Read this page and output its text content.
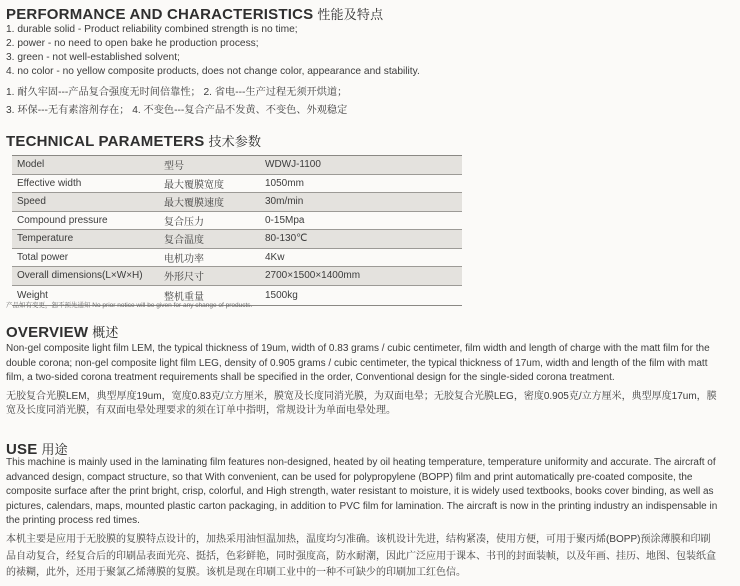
PERFORMANCE AND CHARACTERISTICS 性能及特点
1. durable solid - Product reliability combined strength is no time;
2. power - no need to open bake he production process;
3. green - not well-established solvent;
4. no color - no yellow composite products, does not change color, appearance and stability.
1. 耐久牢固---产品复合强度无时间倍靠性； 2. 省电---生产过程无须开烘道；
3. 环保---无有素溶剂存在； 4. 不变色---复合产品不发黄、不变色、外观稳定
TECHNICAL PARAMETERS 技术参数
Model	型号	WDWJ-1100
Effective width	最大覆膜宽度	1050mm
Speed	最大覆膜速度	30m/min
Compound pressure	复合压力	0-15Mpa
Temperature	复合温度	80-130℃
Total power	电机功率	4Kw
Overall dimensions(L×W×H)	外形尺寸	2700×1500×1400mm
Weight	整机重量	1500kg
产品如有变更，恕不预先通知 No prior notice will be given for any change of products.
OVERVIEW 概述
Non-gel composite light film LEM, the typical thickness of 19um, width of 0.83 grams / cubic centimeter, film width and length of charge with the matt film for the
double corona; non-gel composite light film LEG, density of 0.905 grams / cubic centimeter, the typical thickness of 17um, width and length of the film with matt
film, a two-sided corona treatment requirements shall be specified in the order, Conventional design for the single-sided corona treatment.
无胶复合光膜LEM，典型厚度19um，宽度0.83克/立方厘米，膜宽及长度同消光膜，为双面电晕；无胶复合光膜LEG，密度0.905克/立方厘米，典型厚度17um，膜
宽及长度同消光膜，有双面电晕处理要求的须在订单中指明，常规设计为单面电晕处理。
USE 用途
This machine is mainly used in the laminating film features non-designed, heated by oil heating temperature, temperature uniformity and accurate. The aircraft of
advanced design, compact structure, so that With convenient, can be used for polypropylene (BOPP) film and print automatically pre-coated composite, the
composite surface after the print bright, crisp, colorful, and High strength, water resistant to moisture, it is widely used textbooks, books cover binding, as well as
pictures, calendars, maps, mounted plastic carton packaging, in addition to PVC film for lamination. The aircraft is now in the printing industry an indispensable in
the printing process red times.
本机主要是应用于无胶膜的复膜特点设计的，加热采用油恒温加热，温度均匀准确。该机设计先进，结构紧凑，使用方便，可用于聚丙烯(BOPP)预涂薄膜和印刷
品自动复合，经复合后的印刷品表面光亮、挺括，色彩鲜艳，同时强度高，防水耐潮，因此广泛应用于课本、书刊的封面装帧，以及年画、挂历、地图、包装纸盒
的裱糊，此外，还用于聚氯乙烯薄膜的复膜。该机是现在印刷工业中的一种不可缺少的印刷加工红色信。
